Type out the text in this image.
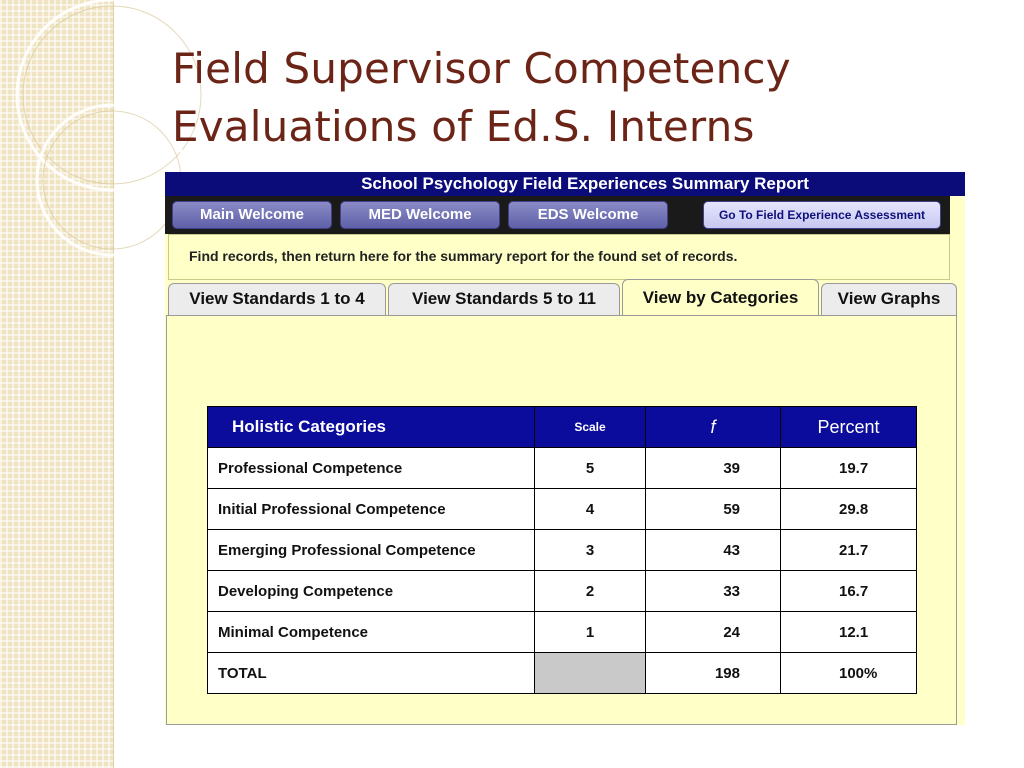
Field Supervisor Competency
Evaluations of Ed.S. Interns
School Psychology Field Experiences Summary Report
Main Welcome	MED Welcome	EDS Welcome	Go To Field Experience Assessment
Find records, then return here for the summary report for the found set of records.
View Standards 1 to 4	View Standards 5 to 11	View by Categories	View Graphs
Holistic Categories	Scale	f	Percent
Professional Competence	5	39	19.7
Initial Professional Competence	4	59	29.8
Emerging Professional Competence	3	43	21.7
Developing Competence	2	33	16.7
Minimal Competence	1	24	12.1
TOTAL		198	100%
